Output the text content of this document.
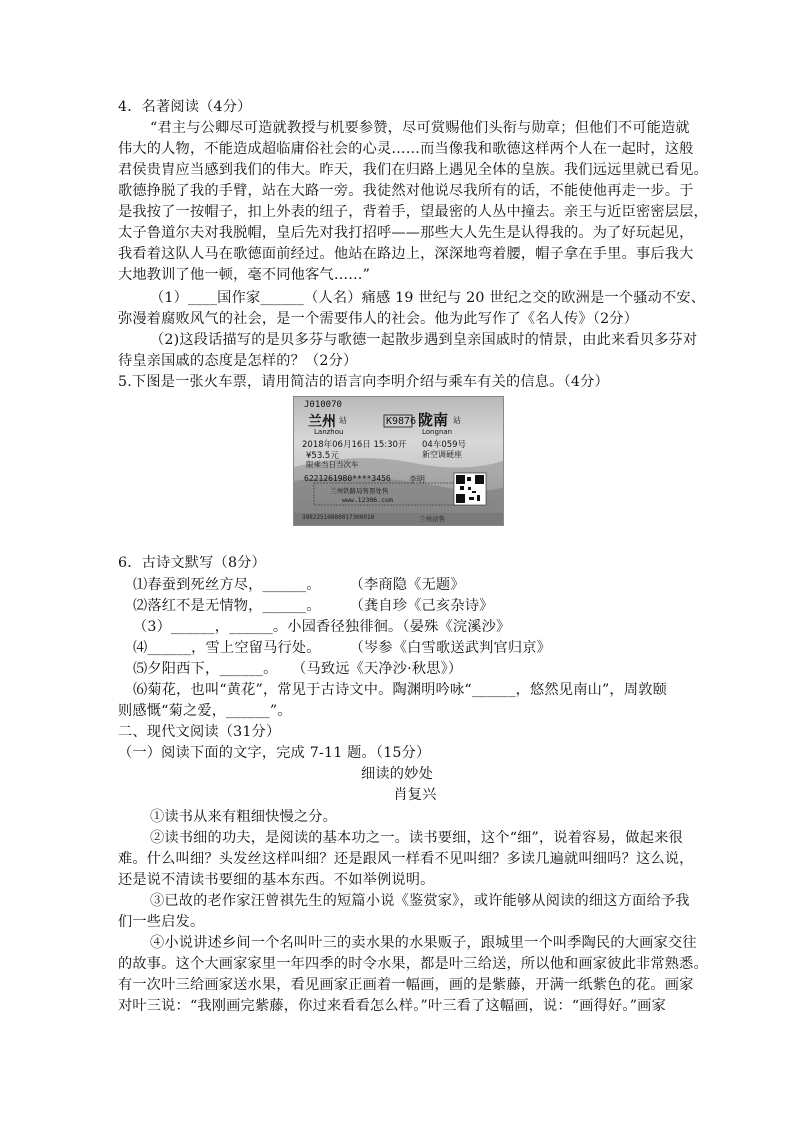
4．名著阅读（4分）
“君主与公卿尽可造就教授与机要参赞，尽可赏赐他们头衔与勋章；但他们不可能造就
伟大的人物，不能造成超临庸俗社会的心灵……而当像我和歌德这样两个人在一起时，这般
君侯贵胄应当感到我们的伟大。昨天，我们在归路上遇见全体的皇族。我们远远里就已看见。
歌德挣脱了我的手臂，站在大路一旁。我徒然对他说尽我所有的话，不能使他再走一步。于
是我按了一按帽子，扣上外表的纽子，背着手，望最密的人丛中撞去。亲王与近臣密密层层，
太子鲁道尔夫对我脱帽，皇后先对我打招呼——那些大人先生是认得我的。为了好玩起见，
我看着这队人马在歌德面前经过。他站在路边上，深深地弯着腰，帽子拿在手里。事后我大
大地教训了他一顿，毫不同他客气……”
（1）____国作家______（人名）痛感 19 世纪与 20 世纪之交的欧洲是一个骚动不安、
弥漫着腐败风气的社会，是一个需要伟人的社会。他为此写作了《名人传》（2分）
（2)这段话描写的是贝多芬与歌德一起散步遇到皇亲国戚时的情景，由此来看贝多芬对
待皇亲国戚的态度是怎样的？（2分）
5.下图是一张火车票，请用简洁的语言向李明介绍与乘车有关的信息。（4分）
J010070
兰州 站
Lanzhou
K9876 陇南 站
Longnan
2018年06月16日 15:30开 04车059号
¥53.5元	新空调硬座
限乘当日当次车
6221261980****3456 李明
兰州铁路局售票处售
www.12306.com
39822510880017300010	兰州站售
6．古诗文默写（8分）
⑴春蚕到死丝方尽，______。　　　（李商隐《无题》
⑵落红不是无情物，______。　　　（龚自珍《己亥杂诗》
（3）______，______。小园香径独徘徊。（晏殊《浣溪沙》
⑷______，雪上空留马行处。　　　（岑参《白雪歌送武判官归京》
⑸夕阳西下，______。　　（马致远《天净沙·秋思》）
⑹菊花，也叫“黄花”，常见于古诗文中。陶渊明吟咏“______，悠然见南山”，周敦颐
则感慨“菊之爱，______”。
二、现代文阅读（31分）
（一）阅读下面的文字，完成 7-11 题。（15分）
细读的妙处
肖复兴
①读书从来有粗细快慢之分。
②读书细的功夫，是阅读的基本功之一。读书要细，这个“细”，说着容易，做起来很
难。什么叫细？头发丝这样叫细？还是跟风一样看不见叫细？多读几遍就叫细吗？这么说，
还是说不清读书要细的基本东西。不如举例说明。
③已故的老作家汪曾祺先生的短篇小说《鉴赏家》，或许能够从阅读的细这方面给予我
们一些启发。
④小说讲述乡间一个名叫叶三的卖水果的水果贩子，跟城里一个叫季陶民的大画家交往
的故事。这个大画家家里一年四季的时令水果，都是叶三给送，所以他和画家彼此非常熟悉。
有一次叶三给画家送水果，看见画家正画着一幅画，画的是紫藤，开满一纸紫色的花。画家
对叶三说：“我刚画完紫藤，你过来看看怎么样。”叶三看了这幅画，说：“画得好。”画家
